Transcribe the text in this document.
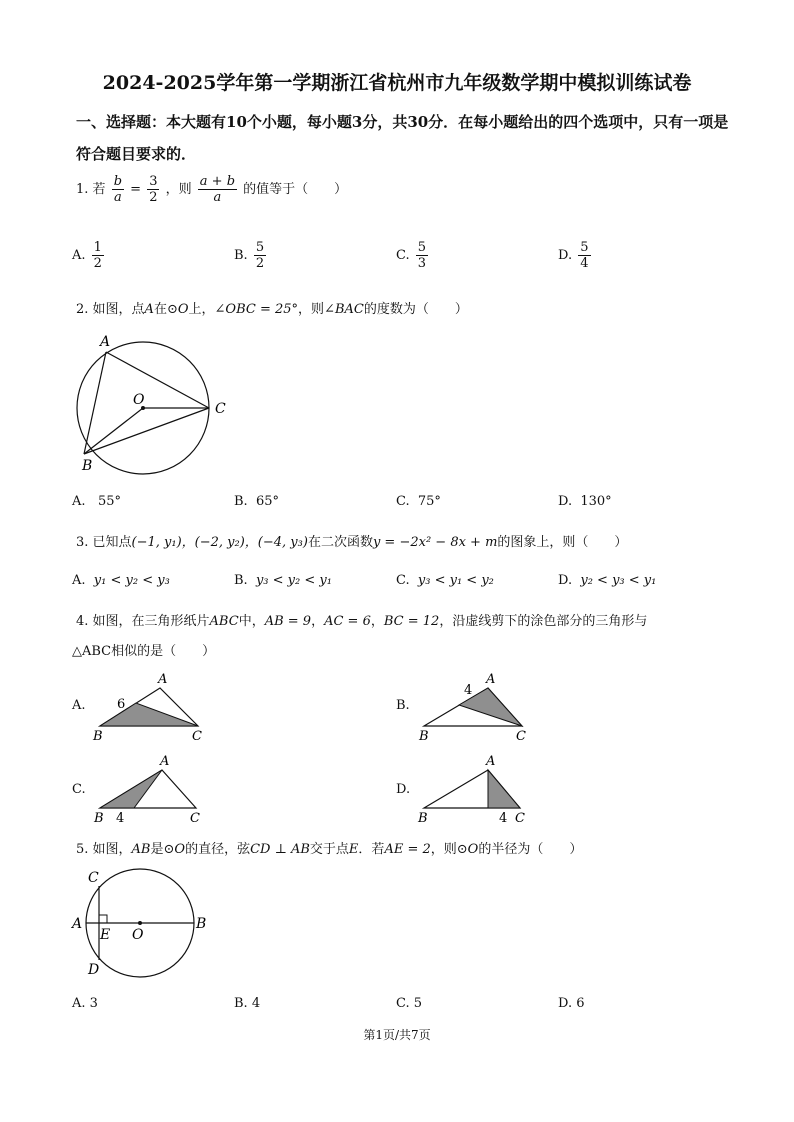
2024-2025学年第一学期浙江省杭州市九年级数学期中模拟训练试卷
一、选择题：本大题有10个小题，每小题3分，共30分．在每小题给出的四个选项中，只有一项是符合题目要求的．
1. 若 $\frac{b}{a} = \frac{3}{2}$ ，则 $\frac{a + b}{a}$ 的值等于（　　）
A. $\frac{1}{2}$	B. $\frac{5}{2}$	C. $\frac{5}{3}$	D. $\frac{5}{4}$
2. 如图，点A在⊙O上，∠OBC = 25°，则∠BAC的度数为（　　）
A
O
C
B
A. 55°	B. 65°	C. 75°	D. 130°
3. 已知点(−1, y₁)，(−2, y₂)，(−4, y₃)在二次函数y = −2x² − 8x + m的图象上，则（　　）
A. y₁ < y₂ < y₃	B. y₃ < y₂ < y₁	C. y₃ < y₁ < y₂	D. y₂ < y₃ < y₁
4. 如图，在三角形纸片ABC中，AB = 9，AC = 6，BC = 12，沿虚线剪下的涂色部分的三角形与
△ABC相似的是（　　）
A. 6
A
B	C
B.
4
A
B	C
C.
A
B 4	C
D.
A
B	4 C
5. 如图，AB是⊙O的直径，弦CD ⊥ AB交于点E．若AE = 2，则⊙O的半径为（　　）
C
A
E O
B
D
A. 3	B. 4	C. 5	D. 6
第1页/共7页
